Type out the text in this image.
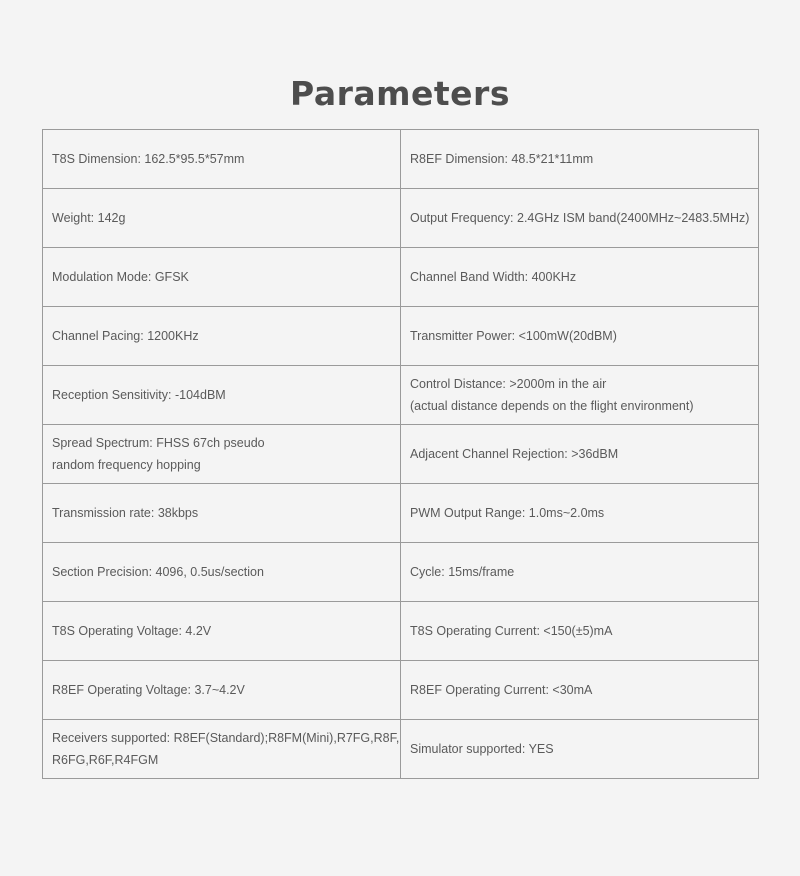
Parameters
T8S Dimension: 162.5*95.5*57mm	R8EF Dimension: 48.5*21*11mm

Weight: 142g	Output Frequency: 2.4GHz ISM band(2400MHz~2483.5MHz)

Modulation Mode: GFSK	Channel Band Width: 400KHz

Channel Pacing: 1200KHz	Transmitter Power: <100mW(20dBM)

Reception Sensitivity: -104dBM	Control Distance: >2000m in the air
(actual distance depends on the flight environment)

Spread Spectrum: FHSS 67ch pseudo
random frequency hopping	Adjacent Channel Rejection: >36dBM

Transmission rate: 38kbps	PWM Output Range: 1.0ms~2.0ms

Section Precision: 4096, 0.5us/section	Cycle: 15ms/frame

T8S Operating Voltage: 4.2V	T8S Operating Current: <150(±5)mA

R8EF Operating Voltage: 3.7~4.2V	R8EF Operating Current: <30mA

Receivers supported: R8EF(Standard);R8FM(Mini),R7FG,R8F,
R6FG,R6F,R4FGM	Simulator supported: YES
